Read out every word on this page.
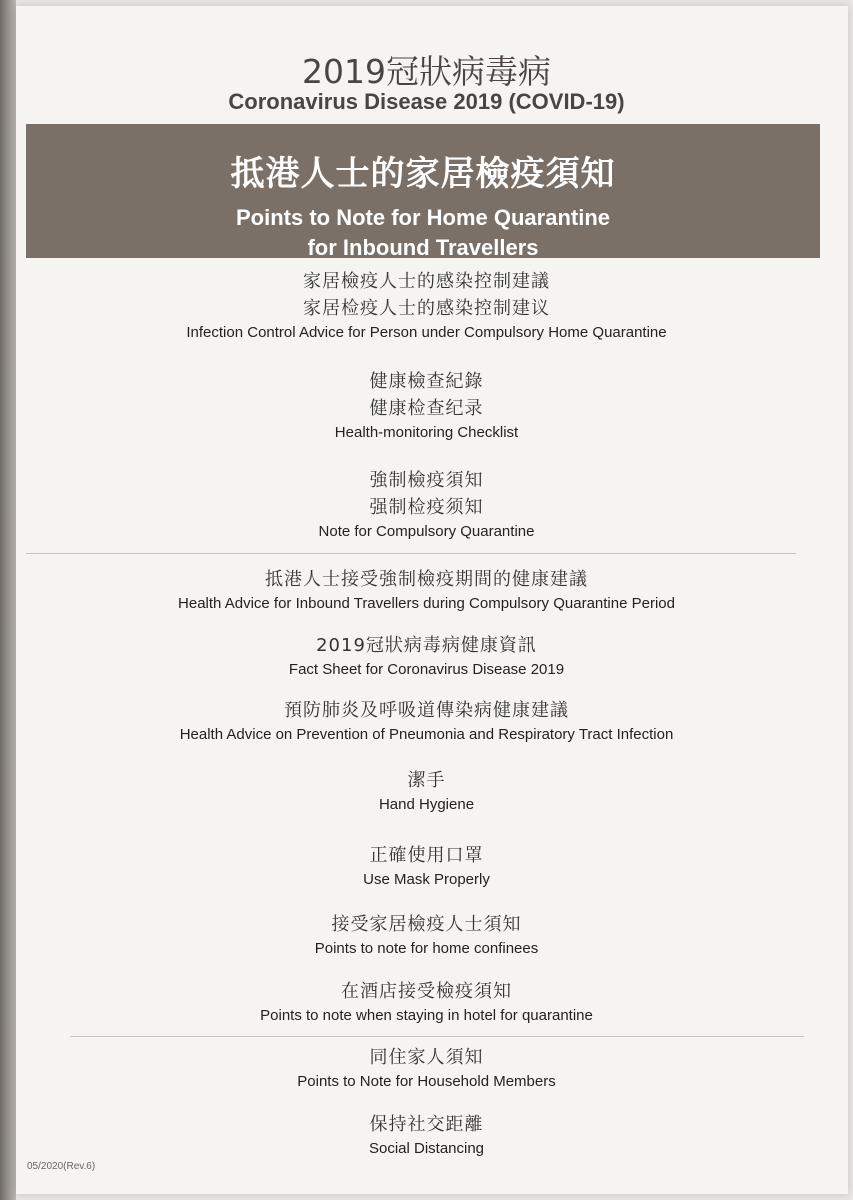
2019冠狀病毒病
Coronavirus Disease 2019 (COVID-19)
抵港人士的家居檢疫須知
Points to Note for Home Quarantine
for Inbound Travellers
家居檢疫人士的感染控制建議
家居检疫人士的感染控制建议
Infection Control Advice for Person under Compulsory Home Quarantine
健康檢查紀錄
健康检查纪录
Health-monitoring Checklist
強制檢疫須知
强制检疫须知
Note for Compulsory Quarantine
抵港人士接受強制檢疫期間的健康建議
Health Advice for Inbound Travellers during Compulsory Quarantine Period
2019冠狀病毒病健康資訊
Fact Sheet for Coronavirus Disease 2019
預防肺炎及呼吸道傳染病健康建議
Health Advice on Prevention of Pneumonia and Respiratory Tract Infection
潔手
Hand Hygiene
正確使用口罩
Use Mask Properly
接受家居檢疫人士須知
Points to note for home confinees
在酒店接受檢疫須知
Points to note when staying in hotel for quarantine
同住家人須知
Points to Note for Household Members
保持社交距離
Social Distancing
05/2020(Rev.6)
